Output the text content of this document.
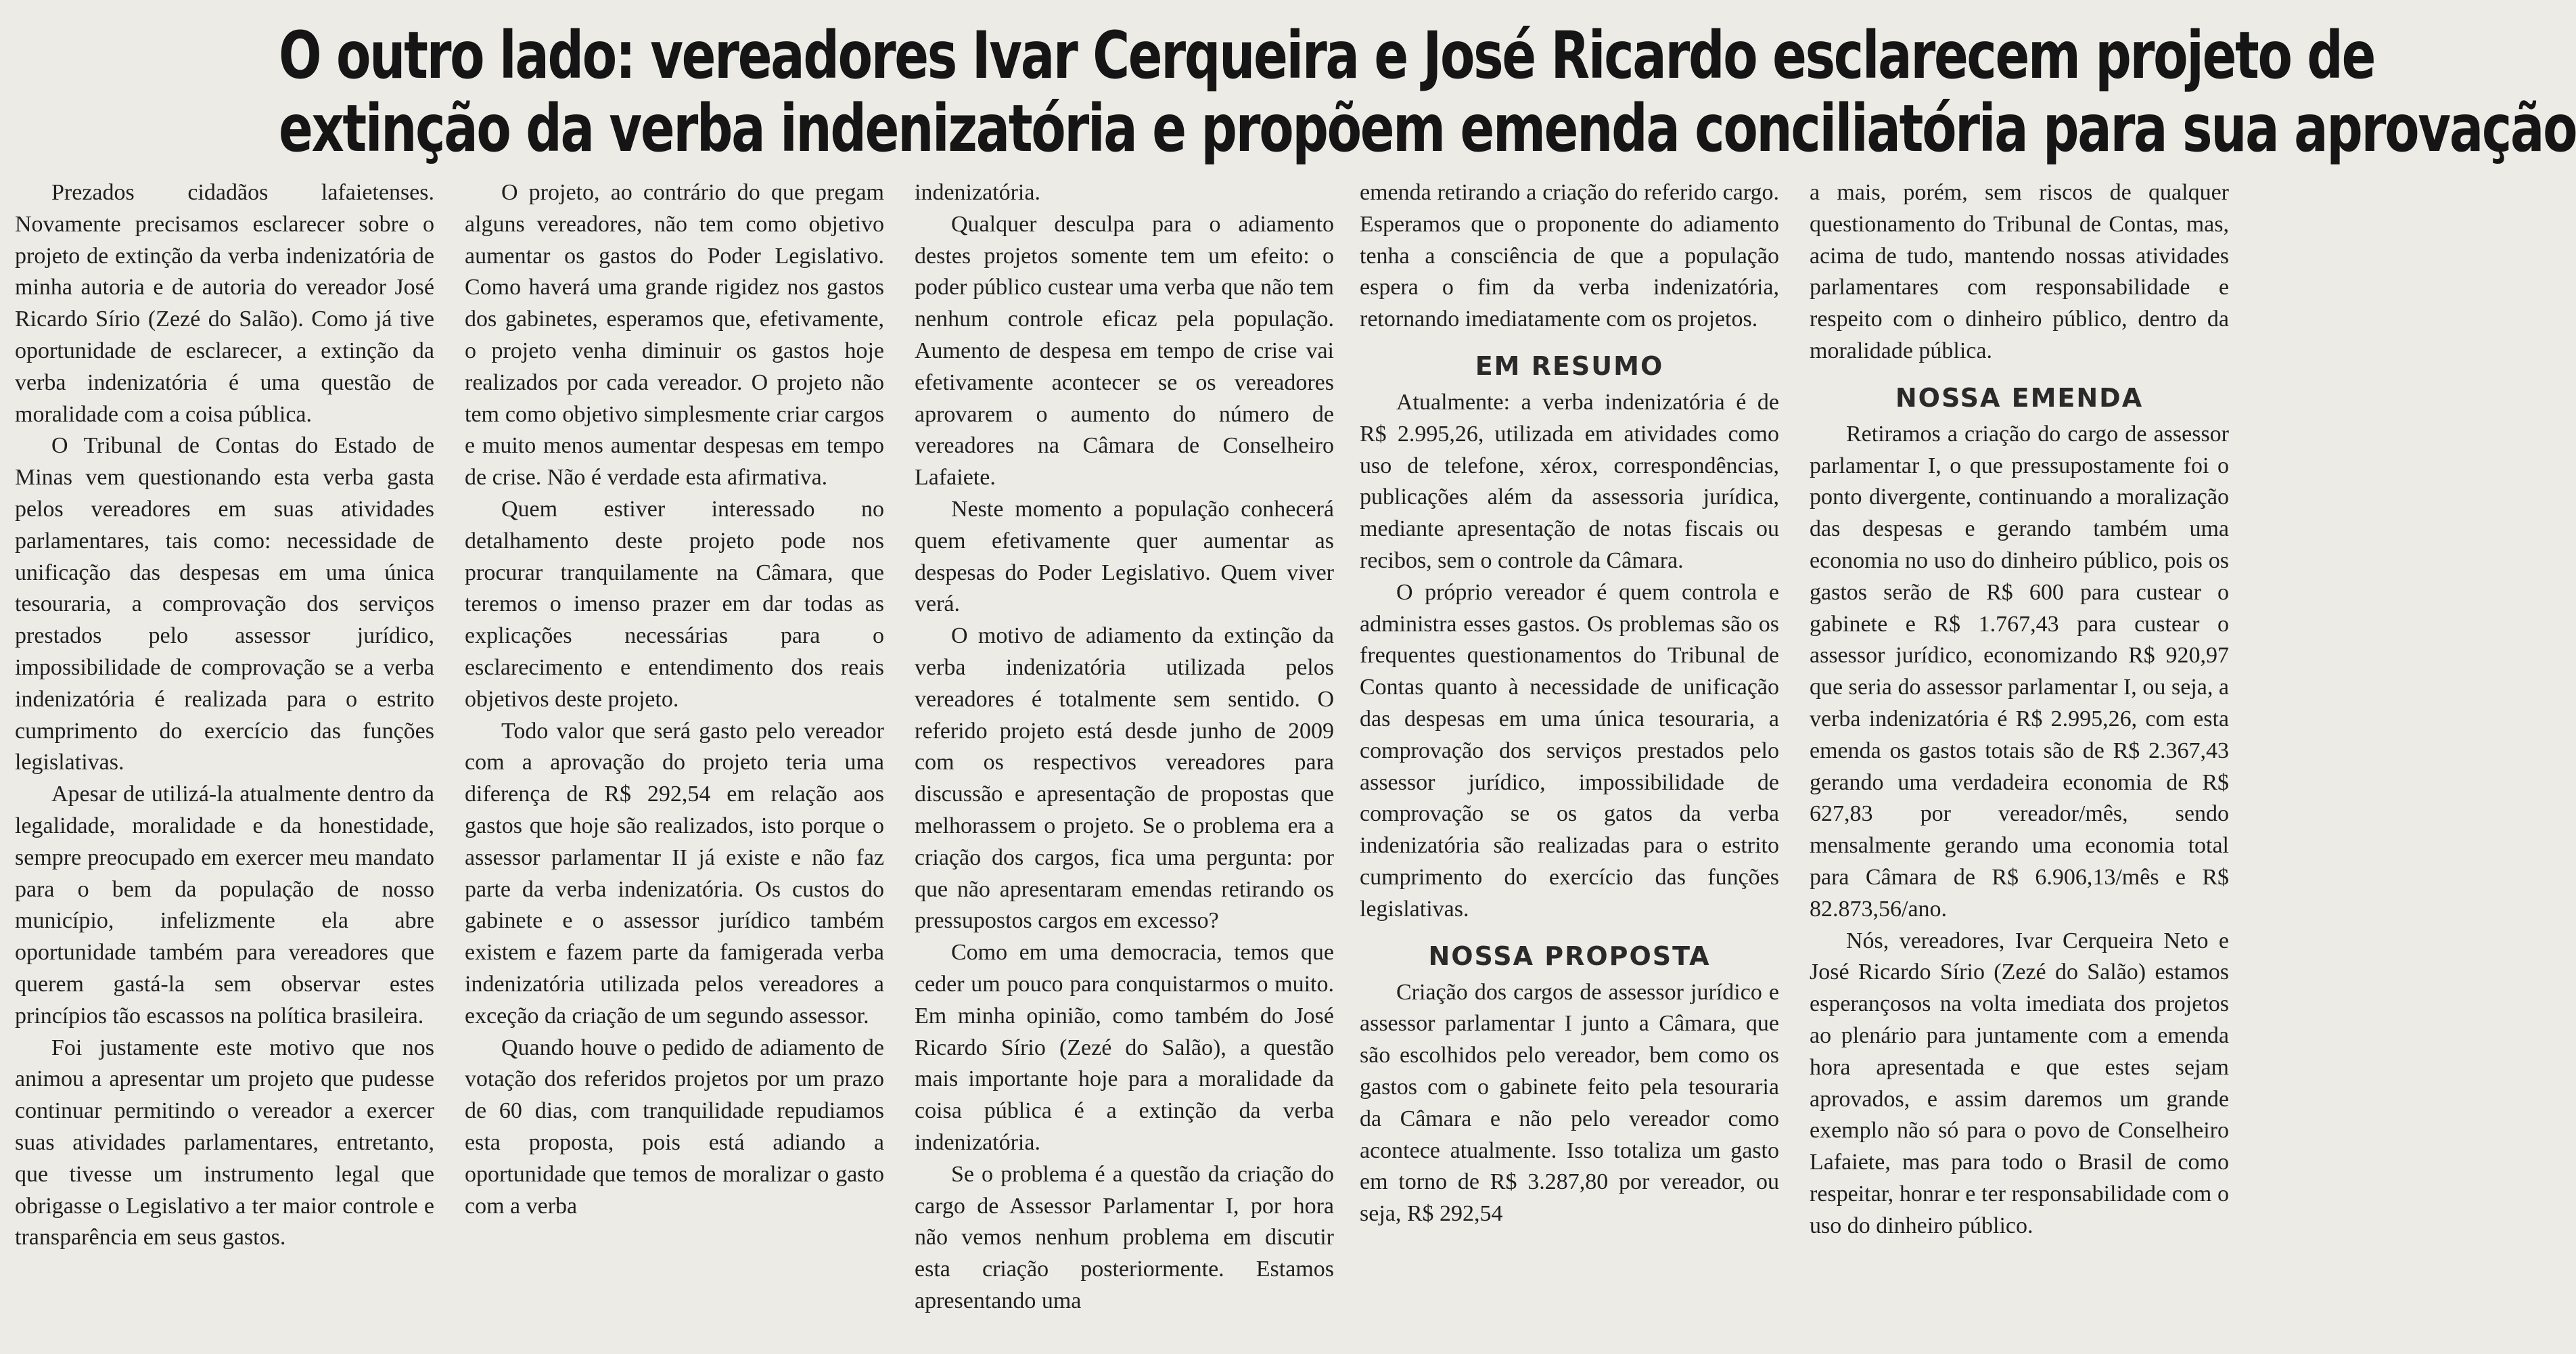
O outro lado: vereadores Ivar Cerqueira e José Ricardo esclarecem projeto de
extinção da verba indenizatória e propõem emenda conciliatória para sua aprovação

Prezados cidadãos lafaietenses. Novamente precisamos esclarecer sobre o projeto de extinção da verba indenizatória de minha autoria e de autoria do vereador José Ricardo Sírio (Zezé do Salão). Como já tive oportunidade de esclarecer, a extinção da verba indenizatória é uma questão de moralidade com a coisa pública.

O Tribunal de Contas do Estado de Minas vem questionando esta verba gasta pelos vereadores em suas atividades parlamentares, tais como: necessidade de unificação das despesas em uma única tesouraria, a comprovação dos serviços prestados pelo assessor jurídico, impossibilidade de comprovação se a verba indenizatória é realizada para o estrito cumprimento do exercício das funções legislativas.

Apesar de utilizá-la atualmente dentro da legalidade, moralidade e da honestidade, sempre preocupado em exercer meu mandato para o bem da população de nosso município, infelizmente ela abre oportunidade também para vereadores que querem gastá-la sem observar estes princípios tão escassos na política brasileira.

Foi justamente este motivo que nos animou a apresentar um projeto que pudesse continuar permitindo o vereador a exercer suas atividades parlamentares, entretanto, que tivesse um instrumento legal que obrigasse o Legislativo a ter maior controle e transparência em seus gastos.

O projeto, ao contrário do que pregam alguns vereadores, não tem como objetivo aumentar os gastos do Poder Legislativo. Como haverá uma grande rigidez nos gastos dos gabinetes, esperamos que, efetivamente, o projeto venha diminuir os gastos hoje realizados por cada vereador. O projeto não tem como objetivo simplesmente criar cargos e muito menos aumentar despesas em tempo de crise. Não é verdade esta afirmativa.

Quem estiver interessado no detalhamento deste projeto pode nos procurar tranquilamente na Câmara, que teremos o imenso prazer em dar todas as explicações necessárias para o esclarecimento e entendimento dos reais objetivos deste projeto.

Todo valor que será gasto pelo vereador com a aprovação do projeto teria uma diferença de R$ 292,54 em relação aos gastos que hoje são realizados, isto porque o assessor parlamentar II já existe e não faz parte da verba indenizatória. Os custos do gabinete e o assessor jurídico também existem e fazem parte da famigerada verba indenizatória utilizada pelos vereadores a exceção da criação de um segundo assessor.

Quando houve o pedido de adiamento de votação dos referidos projetos por um prazo de 60 dias, com tranquilidade repudiamos esta proposta, pois está adiando a oportunidade que temos de moralizar o gasto com a verba

indenizatória.

Qualquer desculpa para o adiamento destes projetos somente tem um efeito: o poder público custear uma verba que não tem nenhum controle eficaz pela população. Aumento de despesa em tempo de crise vai efetivamente acontecer se os vereadores aprovarem o aumento do número de vereadores na Câmara de Conselheiro Lafaiete.

Neste momento a população conhecerá quem efetivamente quer aumentar as despesas do Poder Legislativo. Quem viver verá.

O motivo de adiamento da extinção da verba indenizatória utilizada pelos vereadores é totalmente sem sentido. O referido projeto está desde junho de 2009 com os respectivos vereadores para discussão e apresentação de propostas que melhorassem o projeto. Se o problema era a criação dos cargos, fica uma pergunta: por que não apresentaram emendas retirando os pressupostos cargos em excesso?

Como em uma democracia, temos que ceder um pouco para conquistarmos o muito. Em minha opinião, como também do José Ricardo Sírio (Zezé do Salão), a questão mais importante hoje para a moralidade da coisa pública é a extinção da verba indenizatória.

Se o problema é a questão da criação do cargo de Assessor Parlamentar I, por hora não vemos nenhum problema em discutir esta criação posteriormente. Estamos apresentando uma

emenda retirando a criação do referido cargo. Esperamos que o proponente do adiamento tenha a consciência de que a população espera o fim da verba indenizatória, retornando imediatamente com os projetos.

EM RESUMO

Atualmente: a verba indenizatória é de R$ 2.995,26, utilizada em atividades como uso de telefone, xérox, correspondências, publicações além da assessoria jurídica, mediante apresentação de notas fiscais ou recibos, sem o controle da Câmara.

O próprio vereador é quem controla e administra esses gastos. Os problemas são os frequentes questionamentos do Tribunal de Contas quanto à necessidade de unificação das despesas em uma única tesouraria, a comprovação dos serviços prestados pelo assessor jurídico, impossibilidade de comprovação se os gatos da verba indenizatória são realizadas para o estrito cumprimento do exercício das funções legislativas.

NOSSA PROPOSTA

Criação dos cargos de assessor jurídico e assessor parlamentar I junto a Câmara, que são escolhidos pelo vereador, bem como os gastos com o gabinete feito pela tesouraria da Câmara e não pelo vereador como acontece atualmente. Isso totaliza um gasto em torno de R$ 3.287,80 por vereador, ou seja, R$ 292,54

a mais, porém, sem riscos de qualquer questionamento do Tribunal de Contas, mas, acima de tudo, mantendo nossas atividades parlamentares com responsabilidade e respeito com o dinheiro público, dentro da moralidade pública.

NOSSA EMENDA

Retiramos a criação do cargo de assessor parlamentar I, o que pressupostamente foi o ponto divergente, continuando a moralização das despesas e gerando também uma economia no uso do dinheiro público, pois os gastos serão de R$ 600 para custear o gabinete e R$ 1.767,43 para custear o assessor jurídico, economizando R$ 920,97 que seria do assessor parlamentar I, ou seja, a verba indenizatória é R$ 2.995,26, com esta emenda os gastos totais são de R$ 2.367,43 gerando uma verdadeira economia de R$ 627,83 por vereador/mês, sendo mensalmente gerando uma economia total para Câmara de R$ 6.906,13/mês e R$ 82.873,56/ano.

Nós, vereadores, Ivar Cerqueira Neto e José Ricardo Sírio (Zezé do Salão) estamos esperançosos na volta imediata dos projetos ao plenário para juntamente com a emenda hora apresentada e que estes sejam aprovados, e assim daremos um grande exemplo não só para o povo de Conselheiro Lafaiete, mas para todo o Brasil de como respeitar, honrar e ter responsabilidade com o uso do dinheiro público.
